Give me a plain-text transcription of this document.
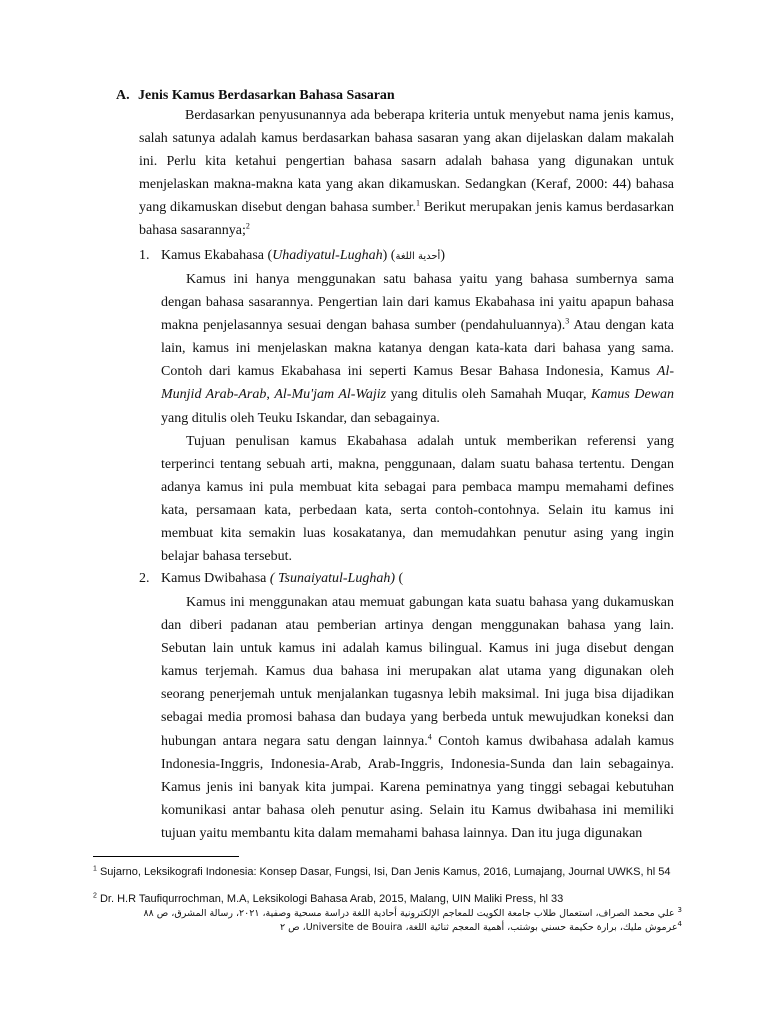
A. Jenis Kamus Berdasarkan Bahasa Sasaran

Berdasarkan penyusunannya ada beberapa kriteria untuk menyebut nama jenis kamus, salah satunya adalah kamus berdasarkan bahasa sasaran yang akan dijelaskan dalam makalah ini. Perlu kita ketahui pengertian bahasa sasarn adalah bahasa yang digunakan untuk menjelaskan makna-makna kata yang akan dikamuskan. Sedangkan (Keraf, 2000: 44) bahasa yang dikamuskan disebut dengan bahasa sumber.$^1$ Berikut merupakan jenis kamus berdasarkan bahasa sasarannya;$^2$

1. Kamus Ekabahasa (Uhadiyatul-Lughah) (أحدية اللغة)

Kamus ini hanya menggunakan satu bahasa yaitu yang bahasa sumbernya sama dengan bahasa sasarannya. Pengertian lain dari kamus Ekabahasa ini yaitu apapun bahasa makna penjelasannya sesuai dengan bahasa sumber (pendahuluannya).$^3$ Atau dengan kata lain, kamus ini menjelaskan makna katanya dengan kata-kata dari bahasa yang sama. Contoh dari kamus Ekabahasa ini seperti Kamus Besar Bahasa Indonesia, Kamus Al-Munjid Arab-Arab, Al-Mu'jam Al-Wajiz yang ditulis oleh Samahah Muqar, Kamus Dewan yang ditulis oleh Teuku Iskandar, dan sebagainya.

Tujuan penulisan kamus Ekabahasa adalah untuk memberikan referensi yang terperinci tentang sebuah arti, makna, penggunaan, dalam suatu bahasa tertentu. Dengan adanya kamus ini pula membuat kita sebagai para pembaca mampu memahami defines kata, persamaan kata, perbedaan kata, serta contoh-contohnya. Selain itu kamus ini membuat kita semakin luas kosakatanya, dan memudahkan penutur asing yang ingin belajar bahasa tersebut.

2. Kamus Dwibahasa ( Tsunaiyatul-Lughah) (

Kamus ini menggunakan atau memuat gabungan kata suatu bahasa yang dukamuskan dan diberi padanan atau pemberian artinya dengan menggunakan bahasa yang lain. Sebutan lain untuk kamus ini adalah kamus bilingual. Kamus ini juga disebut dengan kamus terjemah. Kamus dua bahasa ini merupakan alat utama yang digunakan oleh seorang penerjemah untuk menjalankan tugasnya lebih maksimal. Ini juga bisa dijadikan sebagai media promosi bahasa dan budaya yang berbeda untuk mewujudkan koneksi dan hubungan antara negara satu dengan lainnya.$^4$ Contoh kamus dwibahasa adalah kamus Indonesia-Inggris, Indonesia-Arab, Arab-Inggris, Indonesia-Sunda dan lain sebagainya. Kamus jenis ini banyak kita jumpai. Karena peminatnya yang tinggi sebagai kebutuhan komunikasi antar bahasa oleh penutur asing. Selain itu Kamus dwibahasa ini memiliki tujuan yaitu membantu kita dalam memahami bahasa lainnya. Dan itu juga digunakan

$^1$ Sujarno, Leksikografi Indonesia: Konsep Dasar, Fungsi, Isi, Dan Jenis Kamus, 2016, Lumajang, Journal UWKS, hl 54
$^2$ Dr. H.R Taufiqurrochman, M.A, Leksikologi Bahasa Arab, 2015, Malang, UIN Maliki Press, hl 33
$^3$ علي محمد الصراف، استعمال طلاب جامعة الكويت للمعاجم الإلكترونية أحادية اللغة دراسة مسحية وصفية، ٢٠٢١، رسالة المشرق، ص ٨٨
$^4$عرموش مليك، برارة حكيمة حسني بوشتب، أهمية المعجم ثنائية اللغة، Universite de Bouira، ص ٢
